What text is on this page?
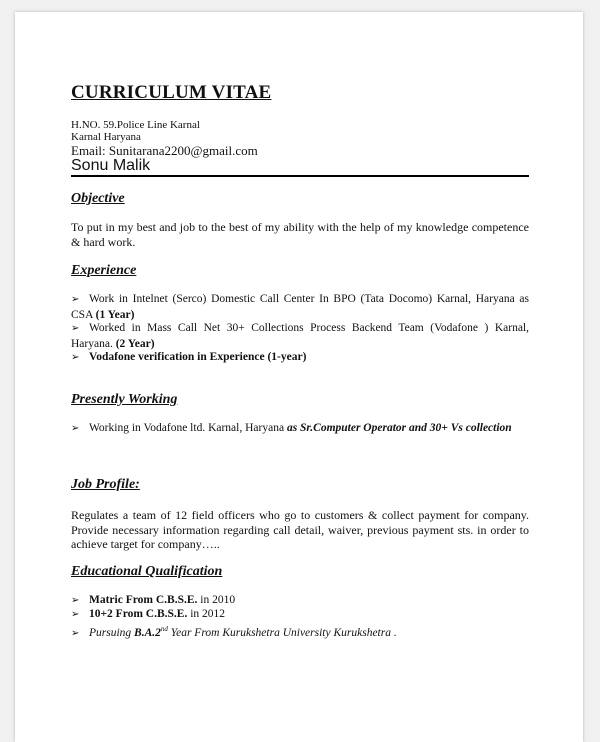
CURRICULUM VITAE
H.NO. 59.Police Line Karnal
Karnal Haryana
Email: Sunitarana2200@gmail.com
Sonu Malik
Objective
To put in my best and job to the best of my ability with the help of my knowledge competence & hard work.
Experience
➢ Work in Intelnet (Serco) Domestic Call Center In BPO (Tata Docomo) Karnal, Haryana as CSA (1 Year)
➢ Worked in Mass Call Net 30+ Collections Process Backend Team (Vodafone ) Karnal, Haryana. (2 Year)
➢ Vodafone verification in Experience (1-year)
Presently Working
➢ Working in Vodafone ltd. Karnal, Haryana as Sr.Computer Operator and 30+ Vs collection
Job Profile:
Regulates a team of 12 field officers who go to customers & collect payment for company. Provide necessary information regarding call detail, waiver, previous payment sts. in order to achieve target for company…..
Educational Qualification
➢ Matric From C.B.S.E. in 2010
➢ 10+2 From C.B.S.E. in 2012
➢ Pursuing B.A.2nd Year From Kurukshetra University Kurukshetra .
